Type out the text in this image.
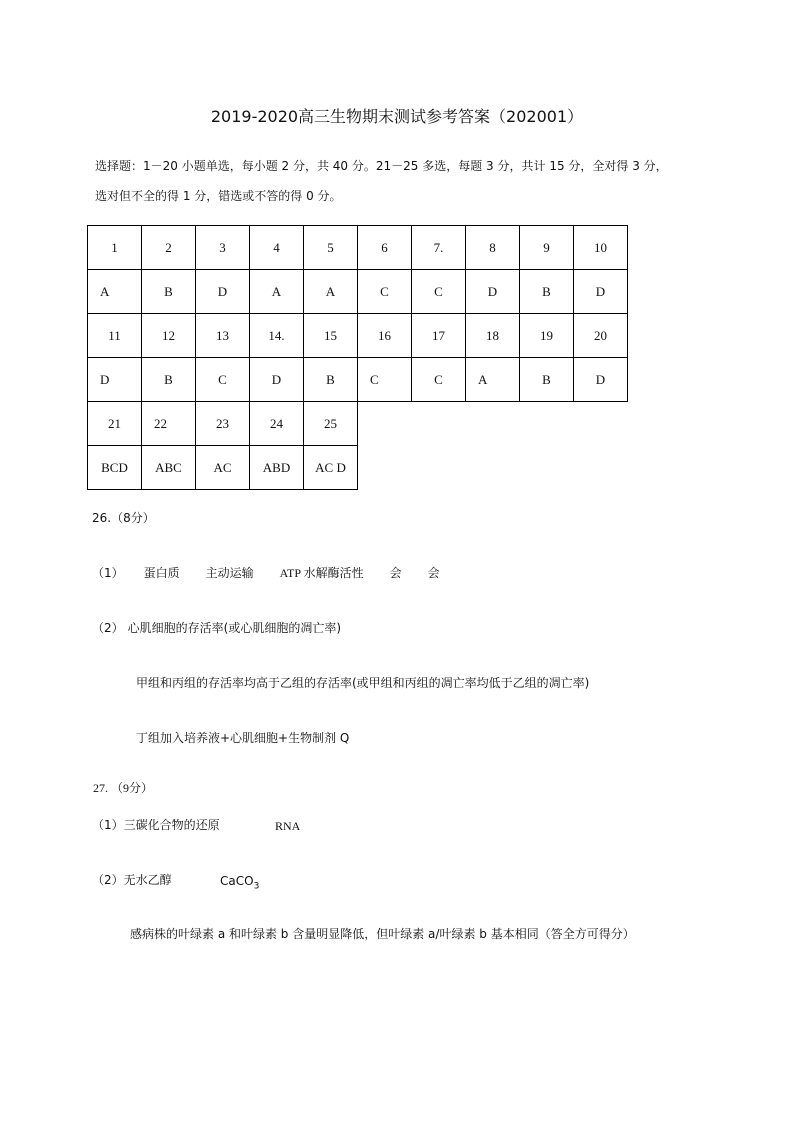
2019-2020高三生物期末测试参考答案（202001）
选择题：1－20 小题单选，每小题 2 分，共 40 分。21－25 多选，每题 3 分，共计 15 分，全对得 3 分，
选对但不全的得 1 分，错选或不答的得 0 分。
1	2	3	4	5	6	7.	8	9	10
A	B	D	A	A	C	C	D	B	D
11	12	13	14.	15	16	17	18	19	20
D	B	C	D	B	C	C	A	B	D
21	22	23	24	25					
BCD	ABC	AC	ABD	AC D					
26.（8分）
（1） 蛋白质 主动运输 ATP 水解酶活性 会 会
（2） 心肌细胞的存活率(或心肌细胞的凋亡率)
甲组和丙组的存活率均高于乙组的存活率(或甲组和丙组的凋亡率均低于乙组的凋亡率)
丁组加入培养液+心肌细胞+生物制剂 Q
27. （9分）
（1）三碳化合物的还原	RNA
（2）无水乙醇	CaCO$_3$
感病株的叶绿素 a 和叶绿素 b 含量明显降低，但叶绿素 a/叶绿素 b 基本相同（答全方可得分）
